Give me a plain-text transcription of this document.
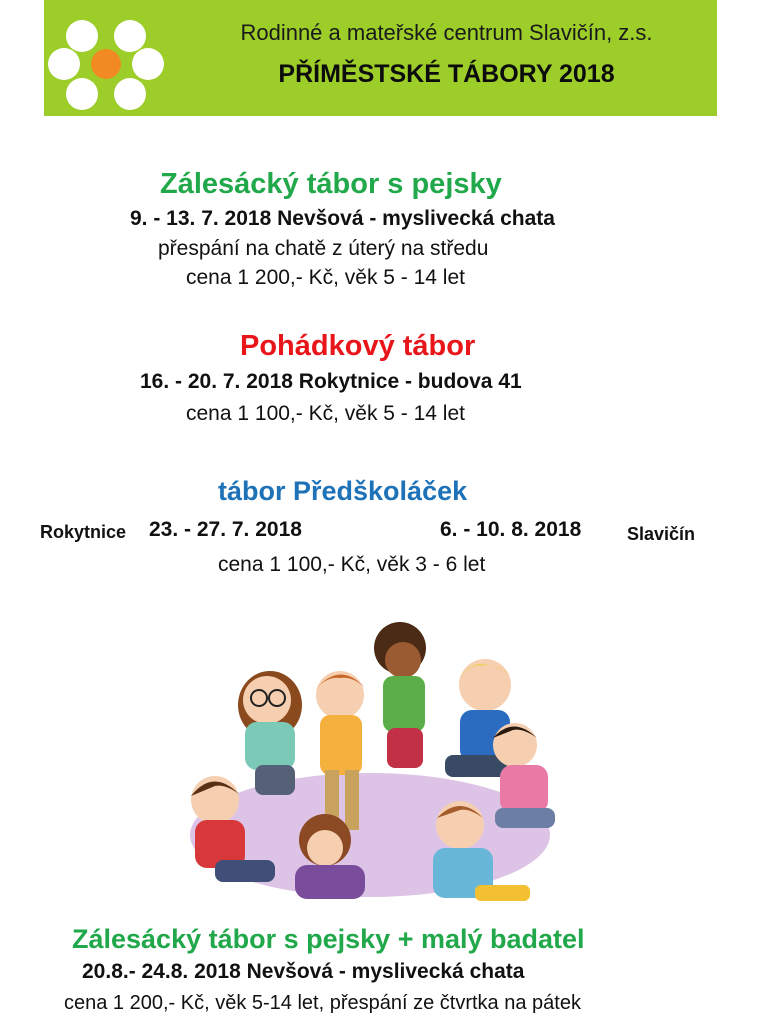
Rodinné a mateřské centrum Slavičín, z.s.
PŘÍMĚSTSKÉ TÁBORY 2018
Zálesácký tábor s pejsky
9. - 13. 7. 2018 Nevšová - myslivecká chata
přespání na chatě z úterý na středu
cena 1 200,- Kč, věk 5 - 14 let
Pohádkový tábor
16. - 20. 7. 2018 Rokytnice - budova 41
cena 1 100,- Kč, věk 5 - 14 let
tábor Předškoláček
Rokytnice 23. - 27. 7. 2018	6. - 10. 8. 2018	Slavičín
cena 1 100,- Kč, věk 3 - 6 let
Zálesácký tábor s pejsky + malý badatel
20.8.- 24.8. 2018 Nevšová - myslivecká chata
cena 1 200,- Kč, věk 5-14 let, přespání ze čtvrtka na pátek
